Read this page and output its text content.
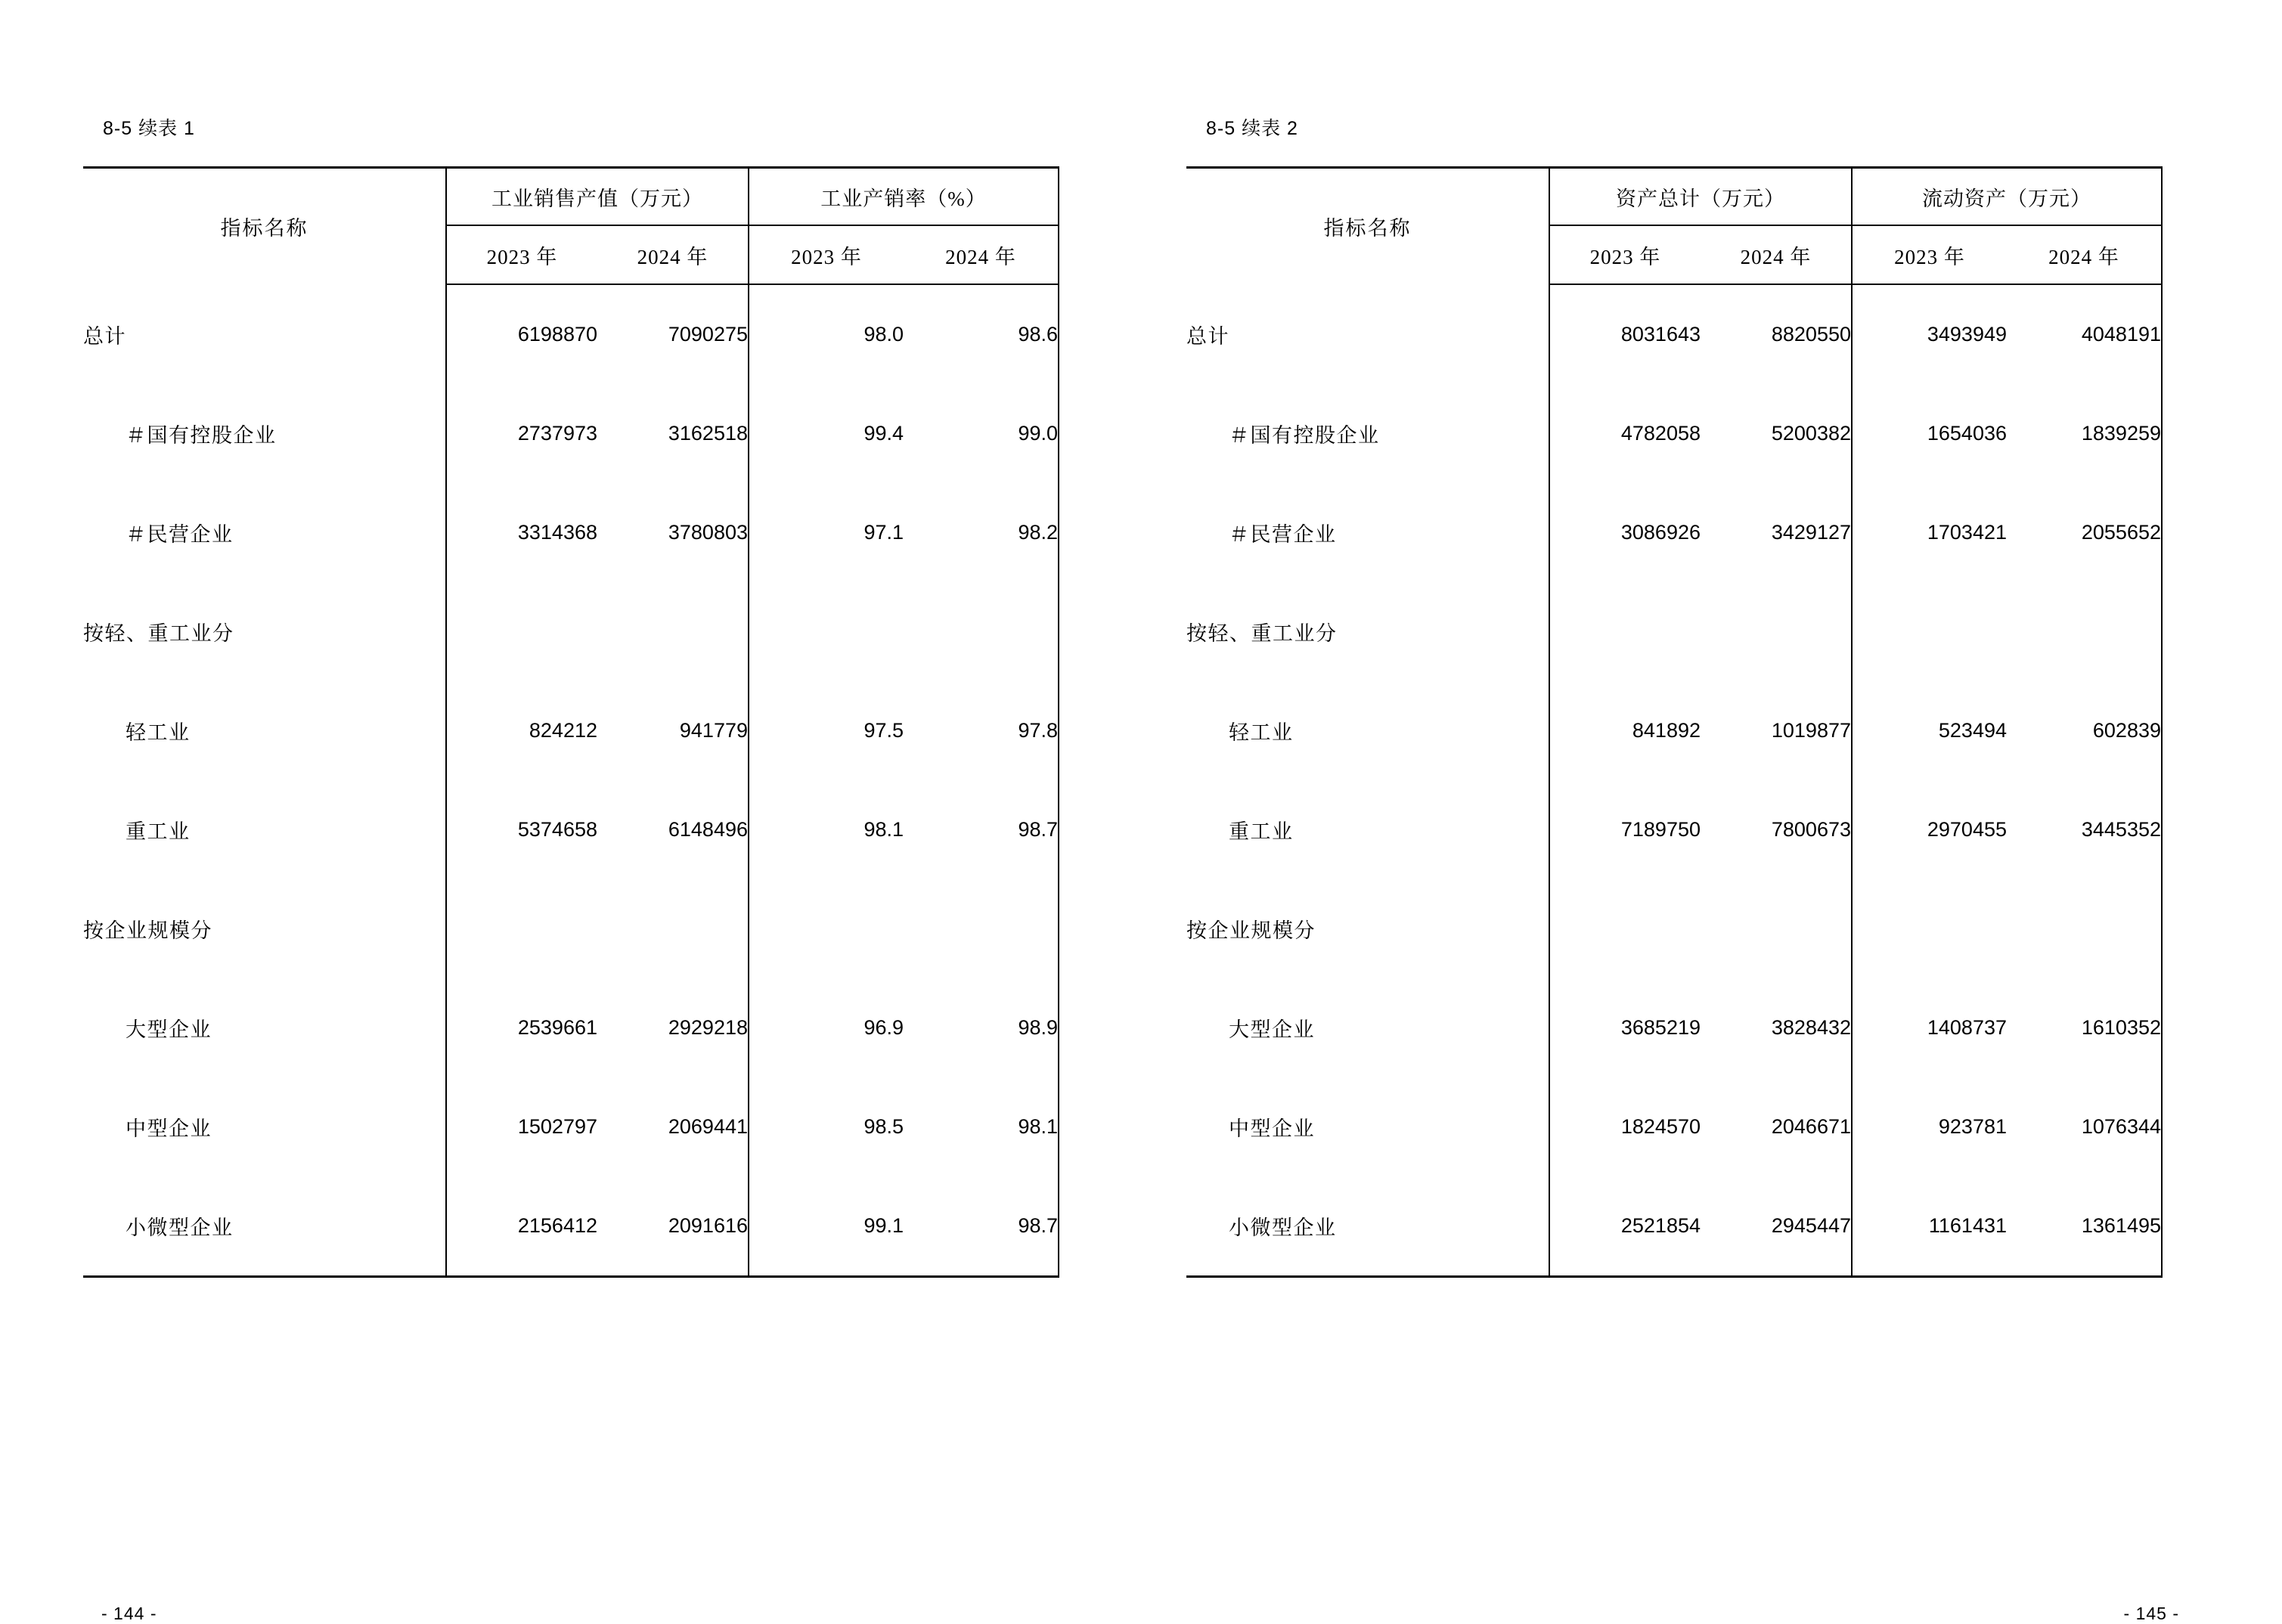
8-5 续表 1
指标名称	工业销售产值（万元）		工业产销率（%）	
	2023 年	2024 年	2023 年	2024 年
总计	6198870	7090275	98.0	98.6
＃国有控股企业	2737973	3162518	99.4	99.0
＃民营企业	3314368	3780803	97.1	98.2
按轻、重工业分				
轻工业	824212	941779	97.5	97.8
重工业	5374658	6148496	98.1	98.7
按企业规模分				
大型企业	2539661	2929218	96.9	98.9
中型企业	1502797	2069441	98.5	98.1
小微型企业	2156412	2091616	99.1	98.7
- 144 -
8-5 续表 2
指标名称	资产总计（万元）		流动资产（万元）	
	2023 年	2024 年	2023 年	2024 年
总计	8031643	8820550	3493949	4048191
＃国有控股企业	4782058	5200382	1654036	1839259
＃民营企业	3086926	3429127	1703421	2055652
按轻、重工业分				
轻工业	841892	1019877	523494	602839
重工业	7189750	7800673	2970455	3445352
按企业规模分				
大型企业	3685219	3828432	1408737	1610352
中型企业	1824570	2046671	923781	1076344
小微型企业	2521854	2945447	1161431	1361495
- 145 -
